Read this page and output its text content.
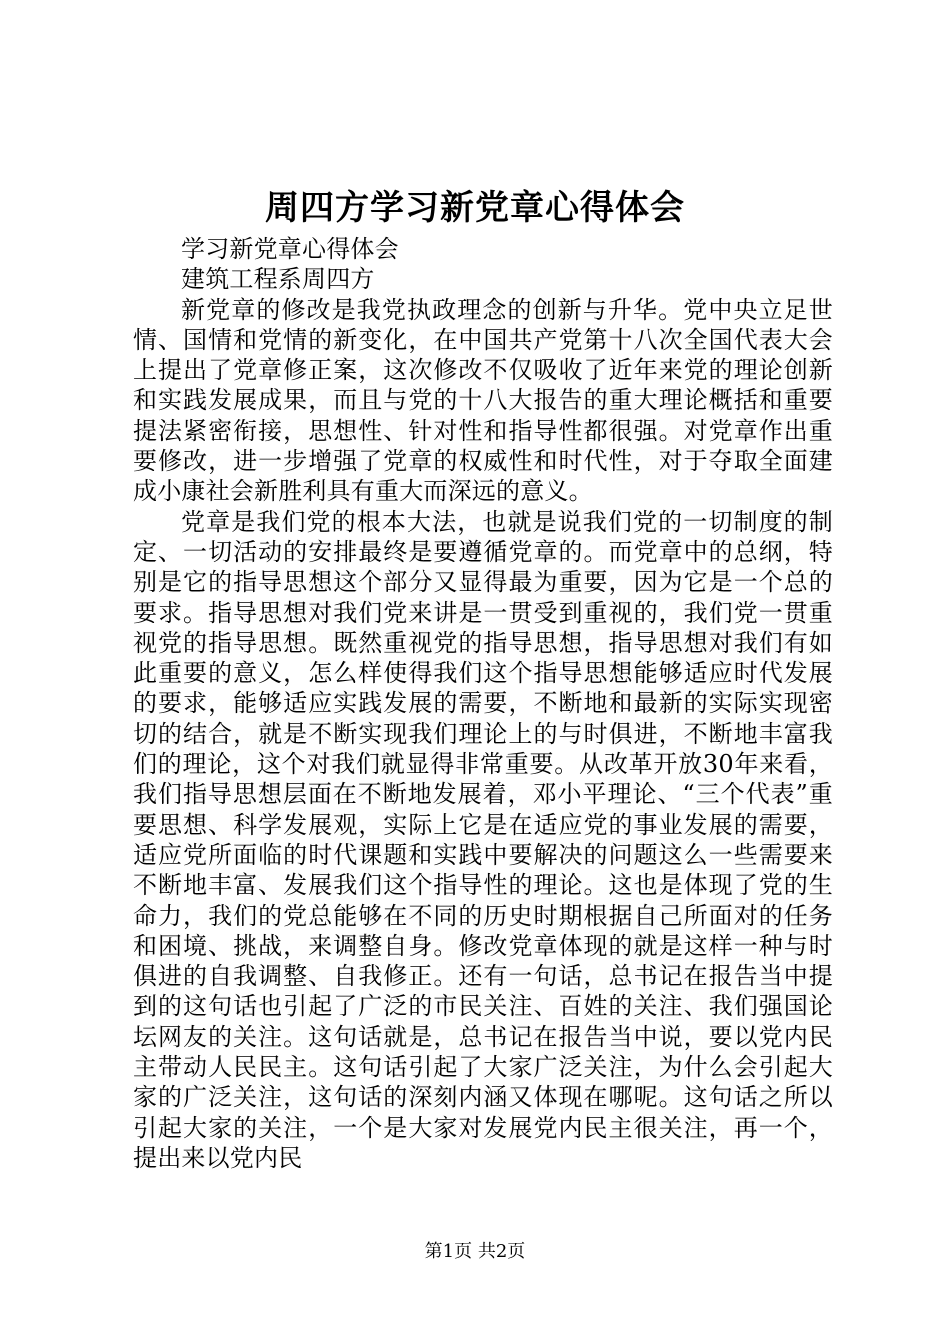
周四方学习新党章心得体会

学习新党章心得体会

建筑工程系周四方

新党章的修改是我党执政理念的创新与升华。党中央立足世情、国情和党情的新变化，在中国共产党第十八次全国代表大会上提出了党章修正案，这次修改不仅吸收了近年来党的理论创新和实践发展成果，而且与党的十八大报告的重大理论概括和重要提法紧密衔接，思想性、针对性和指导性都很强。对党章作出重要修改，进一步增强了党章的权威性和时代性，对于夺取全面建成小康社会新胜利具有重大而深远的意义。

党章是我们党的根本大法，也就是说我们党的一切制度的制定、一切活动的安排最终是要遵循党章的。而党章中的总纲，特别是它的指导思想这个部分又显得最为重要，因为它是一个总的要求。指导思想对我们党来讲是一贯受到重视的，我们党一贯重视党的指导思想。既然重视党的指导思想，指导思想对我们有如此重要的意义，怎么样使得我们这个指导思想能够适应时代发展的要求，能够适应实践发展的需要，不断地和最新的实际实现密切的结合，就是不断实现我们理论上的与时俱进，不断地丰富我们的理论，这个对我们就显得非常重要。从改革开放30年来看，我们指导思想层面在不断地发展着，邓小平理论、“三个代表”重要思想、科学发展观，实际上它是在适应党的事业发展的需要，适应党所面临的时代课题和实践中要解决的问题这么一些需要来不断地丰富、发展我们这个指导性的理论。这也是体现了党的生命力，我们的党总能够在不同的历史时期根据自己所面对的任务和困境、挑战，来调整自身。修改党章体现的就是这样一种与时俱进的自我调整、自我修正。还有一句话，总书记在报告当中提到的这句话也引起了广泛的市民关注、百姓的关注、我们强国论坛网友的关注。这句话就是，总书记在报告当中说，要以党内民主带动人民民主。这句话引起了大家广泛关注，为什么会引起大家的广泛关注，这句话的深刻内涵又体现在哪呢。这句话之所以引起大家的关注，一个是大家对发展党内民主很关注，再一个，提出来以党内民

第1页 共2页
